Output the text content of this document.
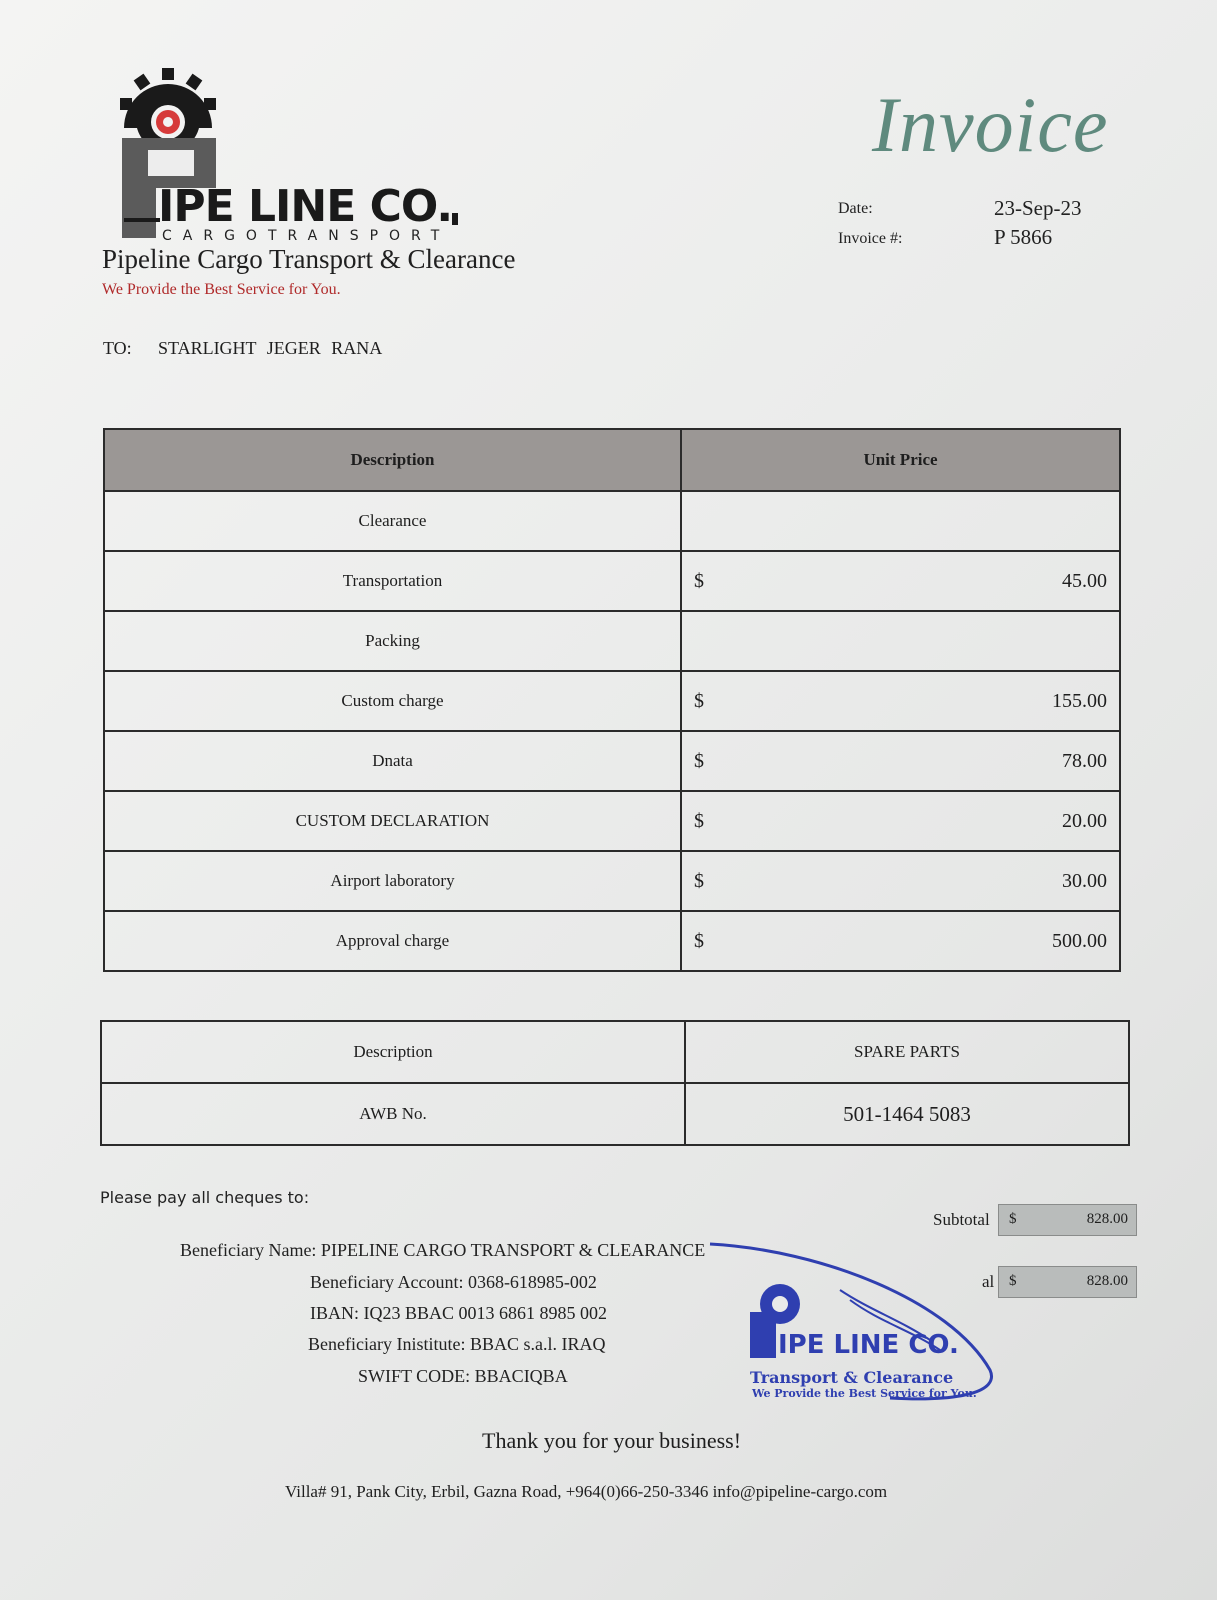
IPE LINE CO.
CARGOTRANSPORT
Pipeline Cargo Transport & Clearance
We Provide the Best Service for You.
Invoice
Date:	23-Sep-23
Invoice #:	P 5866
TO: STARLIGHT JEGER RANA
Description	Unit Price
Clearance	

Transportation	$ 45.00

Packing	

Custom charge	$ 155.00

Dnata	$ 78.00

CUSTOM DECLARATION	$ 20.00

Airport laboratory	$ 30.00

Approval charge	$ 500.00
Description	SPARE PARTS
AWB No.	501-1464 5083
Please pay all cheques to:
Beneficiary Name: PIPELINE CARGO TRANSPORT & CLEARANCE
Beneficiary Account: 0368-618985-002
IBAN: IQ23 BBAC 0013 6861 8985 002
Beneficiary Inistitute: BBAC s.a.l. IRAQ
SWIFT CODE: BBACIQBA
Subtotal $	828.00
al $	828.00
IPE LINE CO.
Transport & Clearance
We Provide the Best Service for You.
Thank you for your business!
Villa# 91, Pank City, Erbil, Gazna Road, +964(0)66-250-3346 info@pipeline-cargo.com
